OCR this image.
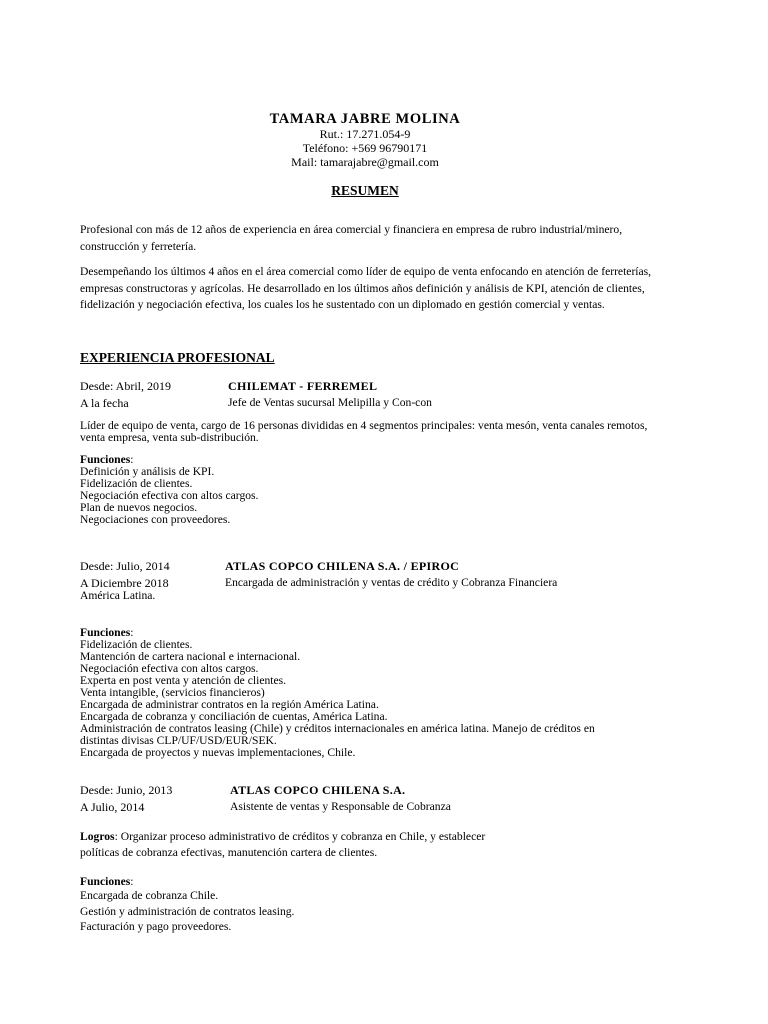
TAMARA JABRE MOLINA
Rut.: 17.271.054-9
Teléfono: +569 96790171
Mail: tamarajabre@gmail.com
RESUMEN
Profesional con más de 12 años de experiencia en área comercial y financiera en empresa de rubro industrial/minero, construcción y ferretería.
Desempeñando los últimos 4 años en el área comercial como líder de equipo de venta enfocando en atención de ferreterías, empresas constructoras y agrícolas. He desarrollado en los últimos años definición y análisis de KPI, atención de clientes, fidelización y negociación efectiva, los cuales los he sustentado con un diplomado en gestión comercial y ventas.
EXPERIENCIA PROFESIONAL
Desde: Abril, 2019	CHILEMAT - FERREMEL
A la fecha	Jefe de Ventas sucursal Melipilla y Con-con
Líder de equipo de venta, cargo de 16 personas divididas en 4 segmentos principales: venta mesón, venta canales remotos, venta empresa, venta sub-distribución.
Funciones:
Definición y análisis de KPI.
Fidelización de clientes.
Negociación efectiva con altos cargos.
Plan de nuevos negocios.
Negociaciones con proveedores.
Desde: Julio, 2014	ATLAS COPCO CHILENA S.A. / EPIROC
A Diciembre 2018	Encargada de administración y ventas de crédito y Cobranza Financiera
América Latina.
Funciones:
Fidelización de clientes.
Mantención de cartera nacional e internacional.
Negociación efectiva con altos cargos.
Experta en post venta y atención de clientes.
Venta intangible, (servicios financieros)
Encargada de administrar contratos en la región América Latina.
Encargada de cobranza y conciliación de cuentas, América Latina.
Administración de contratos leasing (Chile) y créditos internacionales en américa latina. Manejo de créditos en
distintas divisas CLP/UF/USD/EUR/SEK.
Encargada de proyectos y nuevas implementaciones, Chile.
Desde: Junio, 2013	ATLAS COPCO CHILENA S.A.
A Julio, 2014	Asistente de ventas y Responsable de Cobranza
Logros: Organizar proceso administrativo de créditos y cobranza en Chile, y establecer
políticas de cobranza efectivas, manutención cartera de clientes.
Funciones:
Encargada de cobranza Chile.
Gestión y administración de contratos leasing.
Facturación y pago proveedores.
